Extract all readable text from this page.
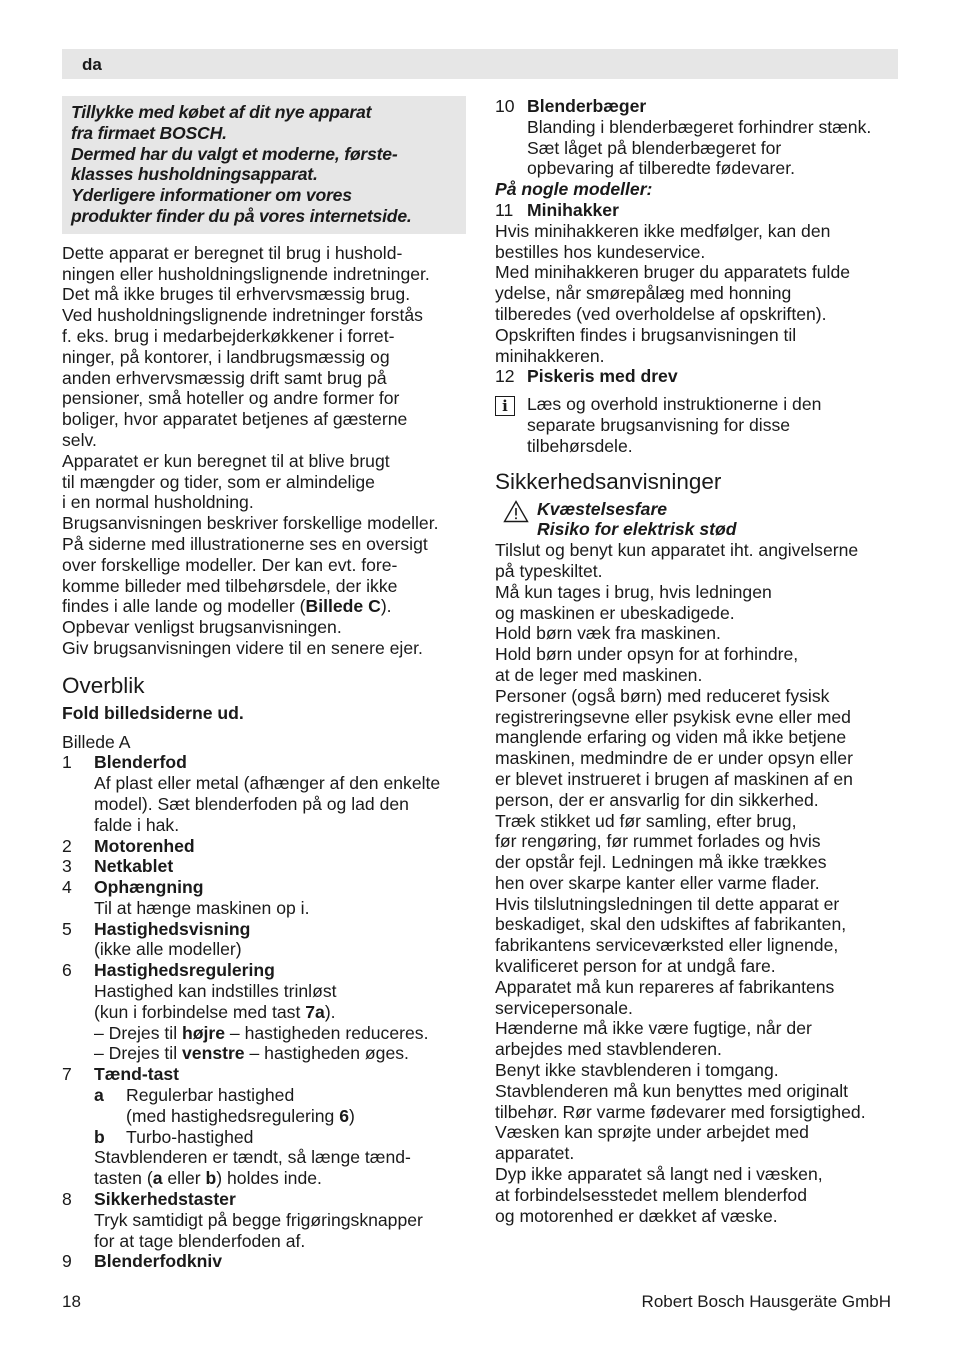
da

Tillykke med købet af dit nye apparat

fra firmaet BOSCH.

Dermed har du valgt et moderne, første-

klasses husholdningsapparat.

Yderligere informationer om vores

produkter finder du på vores internetside.

Dette apparat er beregnet til brug i hushold-

ningen eller husholdningslignende indretninger.

Det må ikke bruges til erhvervsmæssig brug.

Ved husholdningslignende indretninger forstås

f. eks. brug i medarbejderkøkkener i forret-

ninger, på kontorer, i landbrugsmæssig og

anden erhvervsmæssig drift samt brug på

pensioner, små hoteller og andre former for

boliger, hvor apparatet betjenes af gæsterne

selv.

Apparatet er kun beregnet til at blive brugt

til mængder og tider, som er almindelige

i en normal husholdning.

Brugsanvisningen beskriver forskellige modeller.

På siderne med illustrationerne ses en oversigt

over forskellige modeller. Der kan evt. fore-

komme billeder med tilbehørsdele, der ikke

findes i alle lande og modeller (Billede C).

Opbevar venligst brugsanvisningen.

Giv brugsanvisningen videre til en senere ejer.

Overblik

Fold billedsiderne ud.

Billede A

1	Blenderfod

Af plast eller metal (afhænger af den enkelte

model). Sæt blenderfoden på og lad den

falde i hak.

2	Motorenhed
3	Netkablet
4	Ophængning

Til at hænge maskinen op i.

5	Hastighedsvisning

(ikke alle modeller)

6	Hastighedsregulering

Hastighed kan indstilles trinløst

(kun i forbindelse med tast 7a).

– Drejes til højre – hastigheden reduceres.

– Drejes til venstre – hastigheden øges.

7	Tænd-tast
a	Regulerbar hastighed

(med hastighedsregulering 6)

b	Turbo-hastighed

Stavblenderen er tændt, så længe tænd-

tasten (a eller b) holdes inde.

8	Sikkerhedstaster

Tryk samtidigt på begge frigøringsknapper

for at tage blenderfoden af.

9	Blenderfodkniv
10 Blenderbæger

Blanding i blenderbægeret forhindrer stænk.

Sæt låget på blenderbægeret for

opbevaring af tilberedte fødevarer.

På nogle modeller:

11 Minihakker

Hvis minihakkeren ikke medfølger, kan den

bestilles hos kundeservice.

Med minihakkeren bruger du apparatets fulde

ydelse, når smørepålæg med honning

tilberedes (ved overholdelse af opskriften).

Opskriften findes i brugsanvisningen til

minihakkeren.

12 Piskeris med drev
i	Læs og overhold instruktionerne i den

separate brugsanvisning for disse

tilbehørsdele.

Sikkerhedsanvisninger

Kvæstelsesfare

Risiko for elektrisk stød

Tilslut og benyt kun apparatet iht. angivelserne

på typeskiltet.

Må kun tages i brug, hvis ledningen

og maskinen er ubeskadigede.

Hold børn væk fra maskinen.

Hold børn under opsyn for at forhindre,

at de leger med maskinen.

Personer (også børn) med reduceret fysisk

registreringsevne eller psykisk evne eller med

manglende erfaring og viden må ikke betjene

maskinen, medmindre de er under opsyn eller

er blevet instrueret i brugen af maskinen af en

person, der er ansvarlig for din sikkerhed.

Træk stikket ud før samling, efter brug,

før rengøring, før rummet forlades og hvis

der opstår fejl. Ledningen må ikke trækkes

hen over skarpe kanter eller varme flader.

Hvis tilslutningsledningen til dette apparat er

beskadiget, skal den udskiftes af fabrikanten,

fabrikantens serviceværksted eller lignende,

kvalificeret person for at undgå fare.

Apparatet må kun repareres af fabrikantens

servicepersonale.

Hænderne må ikke være fugtige, når der

arbejdes med stavblenderen.

Benyt ikke stavblenderen i tomgang.

Stavblenderen må kun benyttes med originalt

tilbehør. Rør varme fødevarer med forsigtighed.

Væsken kan sprøjte under arbejdet med

apparatet.

Dyp ikke apparatet så langt ned i væsken,

at forbindelsesstedet mellem blenderfod

og motorenhed er dækket af væske.

18	Robert Bosch Hausgeräte GmbH
